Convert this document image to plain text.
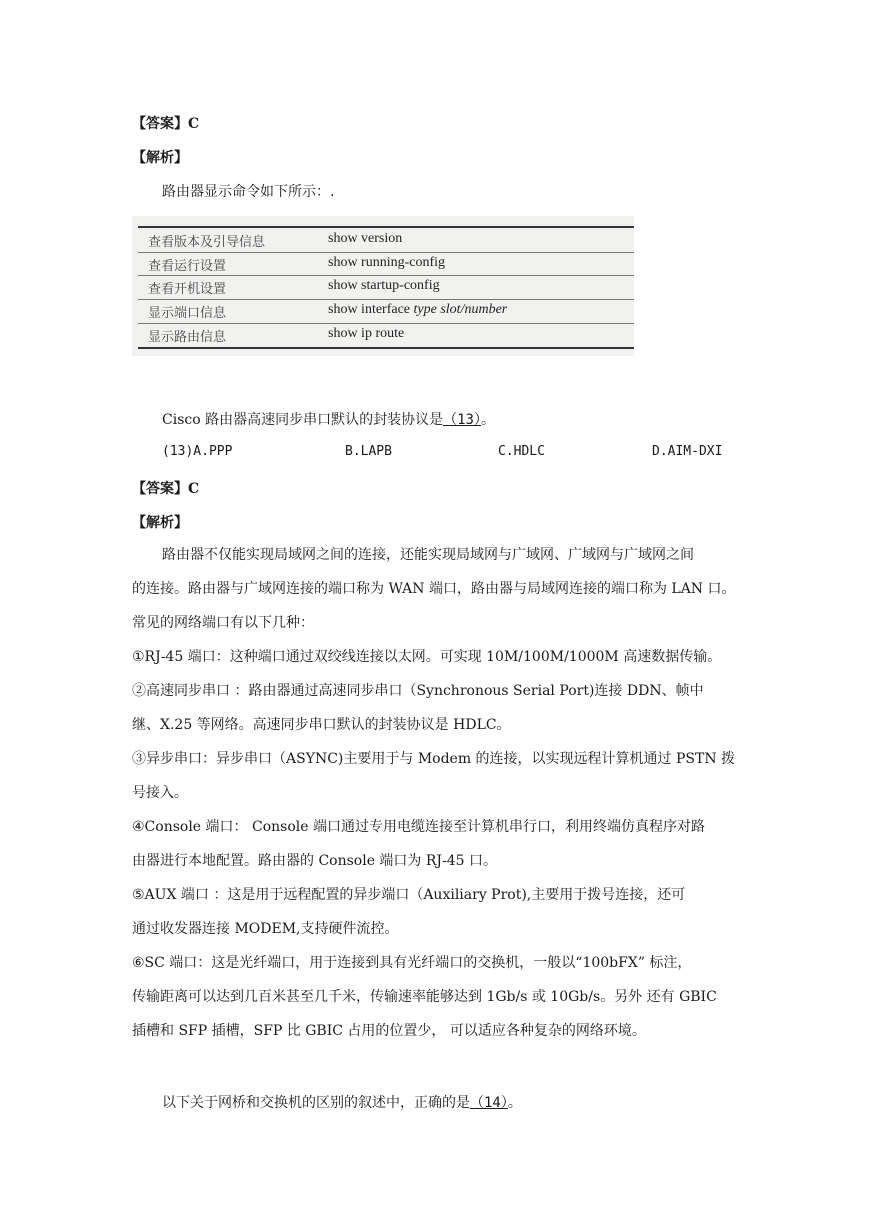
【答案】C
【解析】
路由器显示命令如下所示：.
查看版本及引导信息	show version
查看运行设置	show running-config
查看开机设置	show startup-config
显示端口信息	show interface type slot/number
显示路由信息	show ip route
Cisco 路由器高速同步串口默认的封装协议是（13）。
(13)A.PPP	B.LAPB	C.HDLC	D.AIM-DXI
【答案】C
【解析】
路由器不仅能实现局域网之间的连接，还能实现局域网与广域网、广域网与广域网之间
的连接。路由器与广域网连接的端口称为 WAN 端口，路由器与局域网连接的端口称为 LAN 口。
常见的网络端口有以下几种：
①RJ-45 端口：这种端口通过双绞线连接以太网。可实现 10M/100M/1000M 高速数据传输。
②高速同步串口 ：路由器通过高速同步串口（Synchronous Serial Port)连接 DDN、帧中
继、X.25 等网络。高速同步串口默认的封装协议是 HDLC。
③异步串口：异步串口（ASYNC)主要用于与 Modem 的连接，以实现远程计算机通过 PSTN 拨
号接入。
④Console 端口： Console 端口通过专用电缆连接至计算机串行口，利用终端仿真程序对路
由器进行本地配置。路由器的 Console 端口为 RJ-45 口。
⑤AUX 端口 ：这是用于远程配置的异步端口（Auxiliary Prot),主要用于拨号连接，还可
通过收发器连接 MODEM,支持硬件流控。
⑥SC 端口：这是光纤端口，用于连接到具有光纤端口的交换机，一般以“100bFX” 标注，
传输距离可以达到几百米甚至几千米，传输速率能够达到 1Gb/s 或 10Gb/s。另外 还有 GBIC
插槽和 SFP 插槽，SFP 比 GBIC 占用的位置少， 可以适应各种复杂的网络环境。
以下关于网桥和交换机的区别的叙述中，正确的是（14）。
